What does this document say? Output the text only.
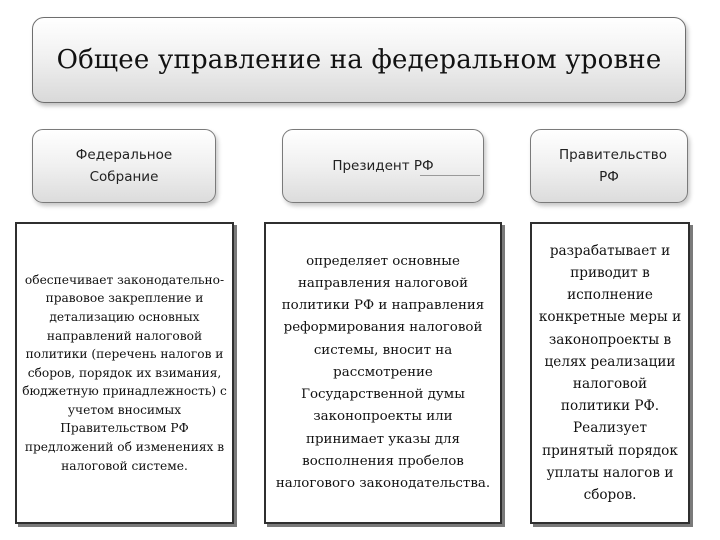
Общее управление на федеральном уровне
Федеральное Собрание
Президент РФ
Правительство РФ
обеспечивает законодательно-правовое закрепление и детализацию основных направлений налоговой политики (перечень налогов и сборов, порядок их взимания, бюджетную принадлежность) с учетом вносимых Правительством РФ предложений об изменениях в налоговой системе.
определяет основные направления налоговой политики РФ и направления реформирования налоговой системы, вносит на рассмотрение Государственной думы законопроекты или принимает указы для восполнения пробелов налогового законодательства.
разрабатывает и приводит в исполнение конкретные меры и законопроекты в целях реализации налоговой политики РФ. Реализует принятый порядок уплаты налогов и сборов.
